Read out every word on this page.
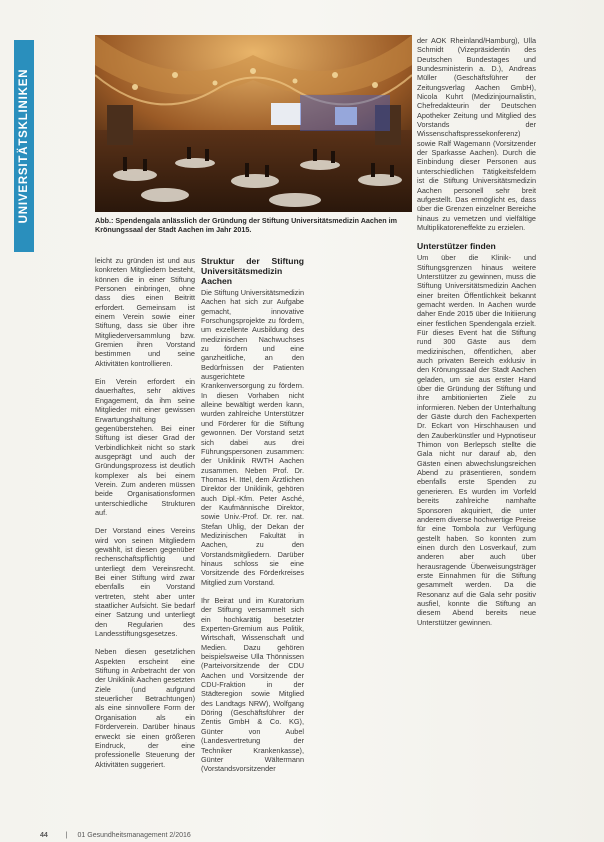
UNIVERSITÄTSKLINIKEN	Abb.: Spendengala anlässlich der Gründung der Stiftung Universitätsmedizin Aachen im Krönungssaal der Stadt Aachen im Jahr 2015.

leicht zu gründen ist und aus konkreten Mitgliedern besteht, können die in einer Stiftung Personen einbringen, ohne dass dies einen Beitritt erfordert. Gemeinsam ist einem Verein sowie einer Stiftung, dass sie über ihre Mitgliederversammlung bzw. Gremien ihren Vorstand bestimmen und seine Aktivitäten kontrollieren.

Ein Verein erfordert ein dauerhaftes, sehr aktives Engagement, da ihm seine Mitglieder mit einer gewissen Erwartungshaltung gegenüberstehen. Bei einer Stiftung ist dieser Grad der Verbindlichkeit nicht so stark ausgeprägt und auch der Gründungsprozess ist deutlich komplexer als bei einem Verein. Zum anderen müssen beide Organisationsformen unterschiedliche Strukturen auf.

Der Vorstand eines Vereins wird von seinen Mitgliedern gewählt, ist diesen gegenüber rechenschaftspflichtig und unterliegt dem Vereinsrecht. Bei einer Stiftung wird zwar ebenfalls ein Vorstand vertreten, steht aber unter staatlicher Aufsicht. Sie bedarf einer Satzung und unterliegt den Regularien des Landesstiftungsgesetzes.

Neben diesen gesetzlichen Aspekten erscheint eine Stiftung in Anbetracht der von der Uniklinik Aachen gesetzten Ziele (und aufgrund steuerlicher Betrachtungen) als eine sinnvollere Form der Organisation als ein Förderverein. Darüber hinaus erweckt sie einen größeren Eindruck, der eine professionelle Steuerung der Aktivitäten suggeriert.

Struktur der Stiftung Universitätsmedizin Aachen

Die Stiftung Universitätsmedizin Aachen hat sich zur Aufgabe gemacht, innovative Forschungsprojekte zu fördern, um exzellente Ausbildung des medizinischen Nachwuchses zu fördern und eine ganzheitliche, an den Bedürfnissen der Patienten ausgerichtete Krankenversorgung zu fördern. In diesen Vorhaben nicht alleine bewältigt werden kann, wurden zahlreiche Unterstützer und Förderer für die Stiftung gewonnen. Der Vorstand setzt sich dabei aus drei Führungspersonen zusammen: der Uniklinik RWTH Aachen zusammen. Neben Prof. Dr. Thomas H. Ittel, dem Ärztlichen Direktor der Uniklinik, gehören auch Dipl.-Kfm. Peter Asché, der Kaufmännische Direktor, sowie Univ.-Prof. Dr. rer. nat. Stefan Uhlig, der Dekan der Medizinischen Fakultät in Aachen, zu den Vorstandsmitgliedern. Darüber hinaus schloss sie eine Vorsitzende des Förderkreises Mitglied zum Vorstand.

Ihr Beirat und im Kuratorium der Stiftung versammelt sich ein hochkarätig besetzter Experten-Gremium aus Politik, Wirtschaft, Wissenschaft und Medien. Dazu gehören beispielsweise Ulla Thönnissen (Parteivorsitzende der CDU Aachen und Vorsitzende der CDU-Fraktion in der Städteregion sowie Mitglied des Landtags NRW), Wolfgang Döring (Geschäftsführer der Zentis GmbH & Co. KG), Günter von Aubel (Landesvertretung der Techniker Krankenkasse), Günter Wältermann (Vorstandsvorsitzender

der AOK Rheinland/Hamburg), Ulla Schmidt (Vizepräsidentin des Deutschen Bundestages und Bundesministerin a. D.), Andreas Müller (Geschäftsführer der Zeitungsverlag Aachen GmbH), Nicola Kuhrt (Medizinjournalistin, Chefredakteurin der Deutschen Apotheker Zeitung und Mitglied des Vorstands der Wissenschaftspressekonferenz) sowie Ralf Wagemann (Vorsitzender der Sparkasse Aachen). Durch die Einbindung dieser Personen aus unterschiedlichen Tätigkeitsfeldern ist die Stiftung Universitätsmedizin Aachen personell sehr breit aufgestellt. Das ermöglicht es, dass über die Grenzen einzelner Bereiche hinaus zu vernetzen und vielfältige Multiplikatoreneffekte zu erzielen.

Unterstützer finden

Um über die Klinik- und Stiftungsgrenzen hinaus weitere Unterstützer zu gewinnen, muss die Stiftung Universitätsmedizin Aachen einer breiten Öffentlichkeit bekannt gemacht werden. In Aachen wurde daher Ende 2015 über die Initiierung einer festlichen Spendengala erzielt. Für dieses Event hat die Stiftung rund 300 Gäste aus dem medizinischen, öffentlichen, aber auch privaten Bereich exklusiv in den Krönungssaal der Stadt Aachen geladen, um sie aus erster Hand über die Gründung der Stiftung und ihre ambitionierten Ziele zu informieren. Neben der Unterhaltung der Gäste durch den Fachexperten Dr. Eckart von Hirschhausen und den Zauberkünstler und Hypnotiseur Thimon von Berlepsch stellte die Gala nicht nur darauf ab, den Gästen einen abwechslungsreichen Abend zu präsentieren, sondern ebenfalls erste Spenden zu generieren. Es wurden im Vorfeld bereits zahlreiche namhafte Sponsoren akquiriert, die unter anderem diverse hochwertige Preise für eine Tombola zur Verfügung gestellt haben. So konnten zum einen durch den Losverkauf, zum anderen aber auch über herausragende Überweisungsträger erste Einnahmen für die Stiftung gesammelt werden. Da die Resonanz auf die Gala sehr positiv ausfiel, konnte die Stiftung an diesem Abend bereits neue Unterstützer gewinnen.

44	| 01 Gesundheitsmanagement 2/2016
